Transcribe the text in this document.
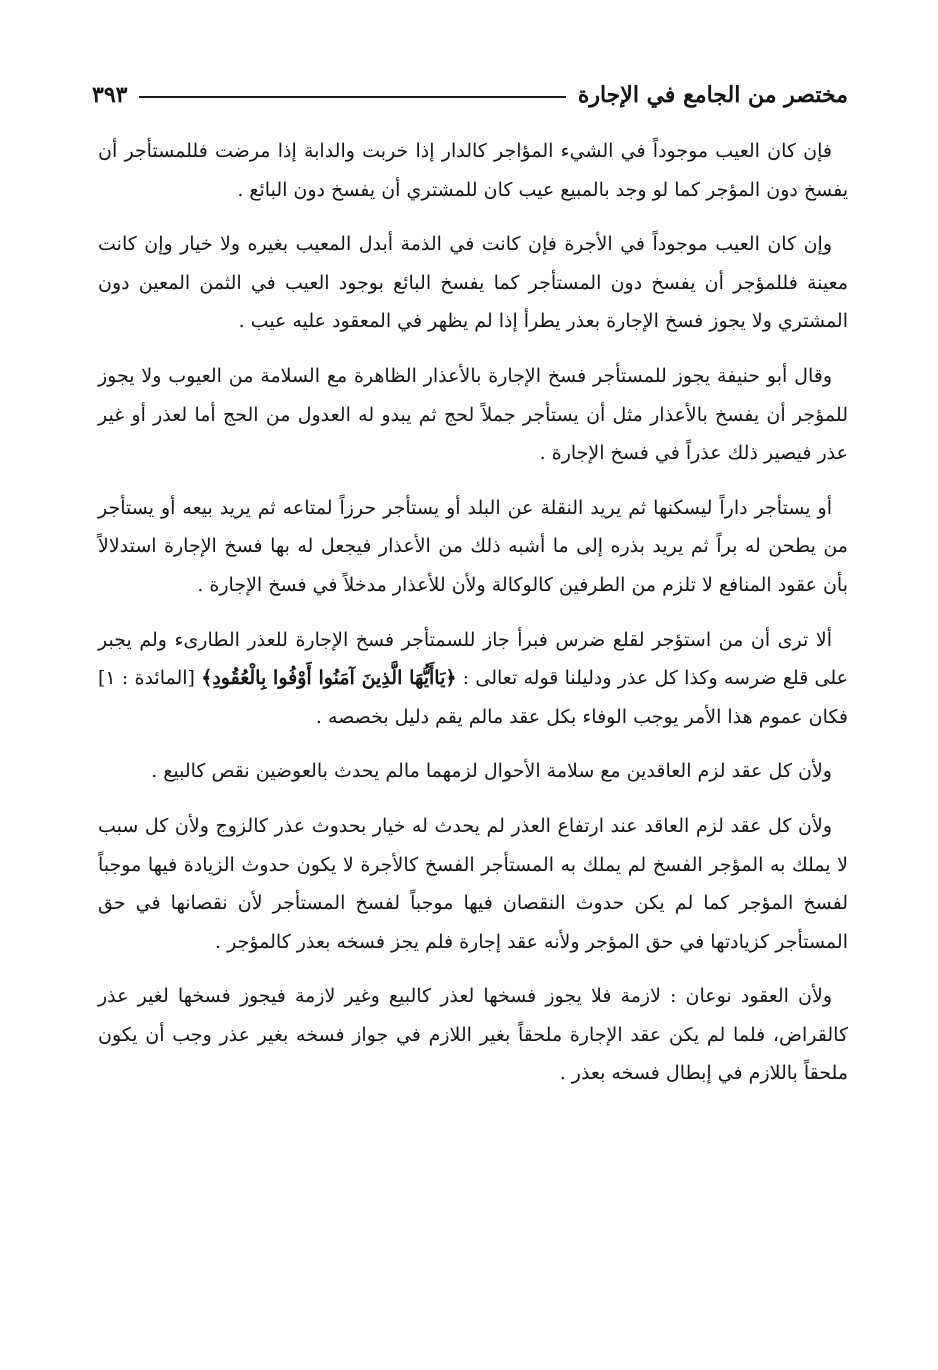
مختصر من الجامع في الإجارة
٣٩٣

فإن كان العيب موجوداً في الشيء المؤاجر كالدار إذا خربت والدابة إذا مرضت فللمستأجر أن يفسخ دون المؤجر كما لو وجد بالمبيع عيب كان للمشتري أن يفسخ دون البائع .

وإن كان العيب موجوداً في الأجرة فإن كانت في الذمة أبدل المعيب بغيره ولا خيار وإن كانت معينة فللمؤجر أن يفسخ دون المستأجر كما يفسخ البائع بوجود العيب في الثمن المعين دون المشتري ولا يجوز فسخ الإجارة بعذر يطرأ إذا لم يظهر في المعقود عليه عيب .

وقال أبو حنيفة يجوز للمستأجر فسخ الإجارة بالأعذار الظاهرة مع السلامة من العيوب ولا يجوز للمؤجر أن يفسخ بالأعذار مثل أن يستأجر جملاً لحج ثم يبدو له العدول من الحج أما لعذر أو غير عذر فيصير ذلك عذراً في فسخ الإجارة .

أو يستأجر داراً ليسكنها ثم يريد النقلة عن البلد أو يستأجر حرزاً لمتاعه ثم يريد بيعه أو يستأجر من يطحن له براً ثم يريد بذره إلى ما أشبه ذلك من الأعذار فيجعل له بها فسخ الإجارة استدلالاً بأن عقود المنافع لا تلزم من الطرفين كالوكالة ولأن للأعذار مدخلاً في فسخ الإجارة .

ألا ترى أن من استؤجر لقلع ضرس فبرأ جاز للسمتأجر فسخ الإجارة للعذر الطارىء ولم يجبر على قلع ضرسه وكذا كل عذر ودليلنا قوله تعالى : ﴿يَاأَيُّهَا الَّذِينَ آمَنُوا أَوْفُوا بِالْعُقُودِ﴾ [المائدة : ١] فكان عموم هذا الأمر يوجب الوفاء بكل عقد مالم يقم دليل بخصصه .

ولأن كل عقد لزم العاقدين مع سلامة الأحوال لزمهما مالم يحدث بالعوضين نقص كالبيع .

ولأن كل عقد لزم العاقد عند ارتفاع العذر لم يحدث له خيار بحدوث عذر كالزوج ولأن كل سبب لا يملك به المؤجر الفسخ لم يملك به المستأجر الفسخ كالأجرة لا يكون حدوث الزيادة فيها موجباً لفسخ المؤجر كما لم يكن حدوث النقصان فيها موجباً لفسخ المستأجر لأن نقصانها في حق المستأجر كزيادتها في حق المؤجر ولأنه عقد إجارة فلم يجز فسخه بعذر كالمؤجر .

ولأن العقود نوعان : لازمة فلا يجوز فسخها لعذر كالبيع وغير لازمة فيجوز فسخها لغير عذر كالقراض، فلما لم يكن عقد الإجارة ملحقاً بغير اللازم في جواز فسخه بغير عذر وجب أن يكون ملحقاً باللازم في إبطال فسخه بعذر .
